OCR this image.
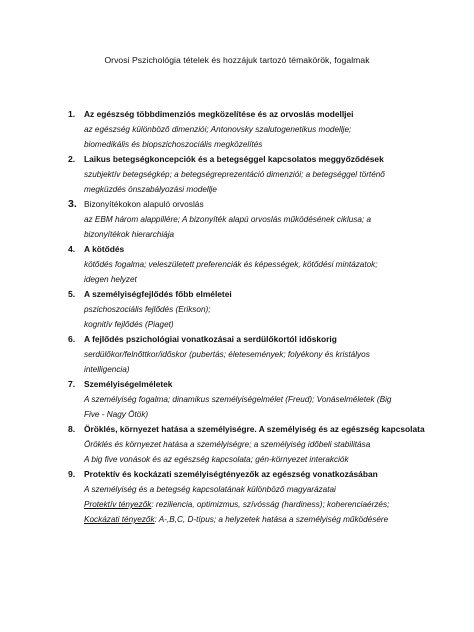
Orvosi Pszichológia tételek és hozzájuk tartozó témakörök, fogalmak
1. Az egészség többdimenziós megközelítése és az orvoslás modelljei
az egészség különböző dimenziói; Antonovsky szalutogenetikus modellje;
biomedikális és biopszichoszociális megközelítés
2. Laikus betegségkoncepciók és a betegséggel kapcsolatos meggyőződések
szubjektív betegségkép; a betegségreprezentáció dimenziói; a betegséggel történő
megküzdés önszabályozási modellje
3. Bizonyítékokon alapuló orvoslás
az EBM három alappillére; A bizonyíték alapú orvoslás működésének ciklusa; a
bizonyítékok hierarchiája
4. A kötődés
kötődés fogalma; veleszületett preferenciák és képességek, kötődési mintázatok;
idegen helyzet
5. A személyiségfejlődés főbb elméletei
pszichoszociális fejlődés (Erikson);
kognitív fejlődés (Piaget)
6. A fejlődés pszichológiai vonatkozásai a serdülőkortól időskorig
serdülőkor/felnőttkor/időskor (pubertás; életesemények; folyékony és kristályos
intelligencia)
7. Személyiségelméletek
A személyiség fogalma; dinamikus személyiségelmélet (Freud); Vonáselméletek (Big
Five - Nagy Ötök)
8. Öröklés, környezet hatása a személyiségre. A személyiség és az egészség kapcsolata
Öröklés és környezet hatása a személyiségre; a személyiség időbeli stabilitása
A big five vonások és az egészség kapcsolata; gén-környezet interakciók
9. Protektív és kockázati személyiségtényezők az egészség vonatkozásában
A személyiség és a betegség kapcsolatának különböző magyarázatai
Protektív tényezők: reziliencia, optimizmus, szívósság (hardiness); koherenciaérzés;
Kockázati tényezők: A-,B,C, D-típus; a helyzetek hatása a személyiség működésére
